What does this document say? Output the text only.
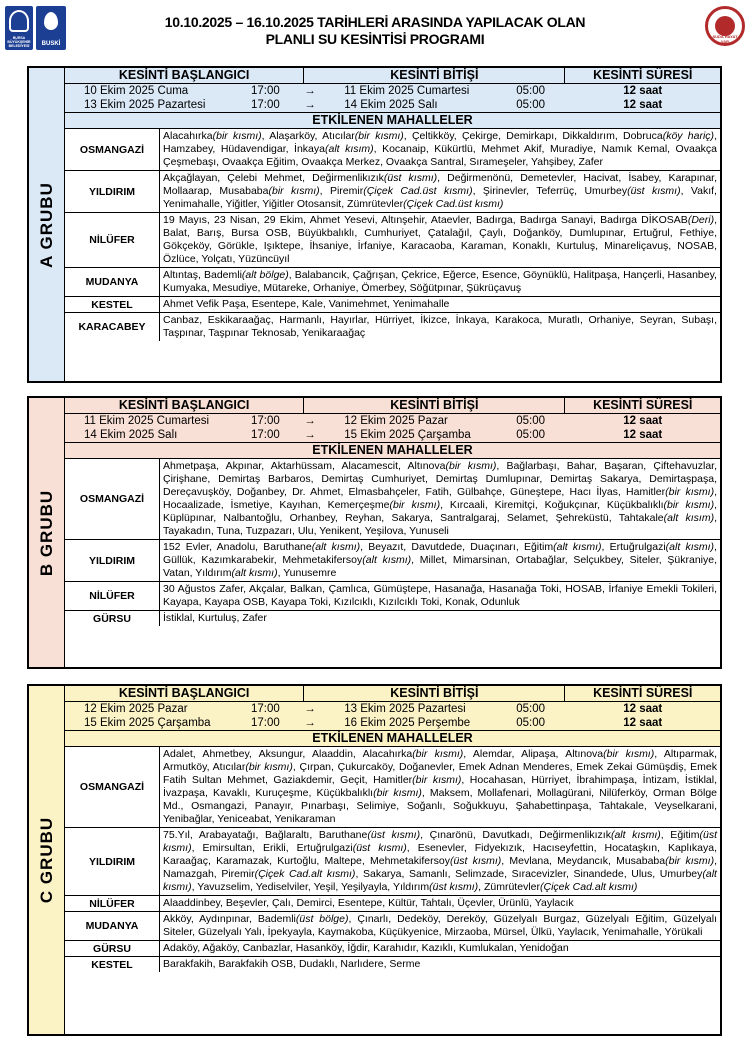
BURSA BÜYÜKŞEHİR BELEDİYESİ	BUSKİ
10.10.2025 – 16.10.2025 TARİHLERİ ARASINDA YAPILACAK OLAN
PLANLI SU KESİNTİSİ PROGRAMI	SUDA HAYAT VAR
A GRUBU
KESİNTİ BAŞLANGICI	KESİNTİ BİTİŞİ	KESİNTİ SÜRESİ
10 Ekim 2025 Cuma	17:00 → 11 Ekim 2025 Cumartesi	05:00	12 saat
13 Ekim 2025 Pazartesi	17:00 → 14 Ekim 2025 Salı	05:00	12 saat
ETKİLENEN MAHALLELER
OSMANGAZİ
Alacahırka(bir kısmı), Alaşarköy, Atıcılar(bir kısmı), Çeltikköy, Çekirge, Demirkapı, Dikkaldırım, Dobruca(köy hariç), Hamzabey, Hüdavendigar, İnkaya(alt kısım), Kocanaip, Kükürtlü, Mehmet Akif, Muradiye, Namık Kemal, Ovaakça Çeşmebaşı, Ovaakça Eğitim, Ovaakça Merkez, Ovaakça Santral, Sırameşeler, Yahşibey, Zafer
YILDIRIM
Akçağlayan, Çelebi Mehmet, Değirmenlikızık(üst kısmı), Değirmenönü, Demetevler, Hacivat, İsabey, Karapınar, Mollaarap, Musababa(bir kısmı), Piremir(Çiçek Cad.üst kısmı), Şirinevler, Teferrüç, Umurbey(üst kısmı), Vakıf, Yenimahalle, Yiğitler, Yiğitler Otosansit, Zümrütevler(Çiçek Cad.üst kısmı)
NİLÜFER
19 Mayıs, 23 Nisan, 29 Ekim, Ahmet Yesevi, Altınşehir, Ataevler, Badırga, Badırga Sanayi, Badırga DİKOSAB(Deri), Balat, Barış, Bursa OSB, Büyükbalıklı, Cumhuriyet, Çatalağıl, Çaylı, Doğanköy, Dumlupınar, Ertuğrul, Fethiye, Gökçeköy, Görükle, Işıktepe, İhsaniye, İrfaniye, Karacaoba, Karaman, Konaklı, Kurtuluş, Minareliçavuş, NOSAB, Özlüce, Yolçatı, Yüzüncüyıl
MUDANYA
Altıntaş, Bademli(alt bölge), Balabancık, Çağrışan, Çekrice, Eğerce, Esence, Göynüklü, Halitpaşa, Hançerli, Hasanbey, Kumyaka, Mesudiye, Mütareke, Orhaniye, Ömerbey, Söğütpınar, Şükrüçavuş
KESTEL	Ahmet Vefik Paşa, Esentepe, Kale, Vanimehmet, Yenimahalle
KARACABEY
Canbaz, Eskikaraağaç, Harmanlı, Hayırlar, Hürriyet, İkizce, İnkaya, Karakoca, Muratlı, Orhaniye, Seyran, Subaşı, Taşpınar, Taşpınar Teknosab, Yenikaraağaç
B GRUBU
KESİNTİ BAŞLANGICI	KESİNTİ BİTİŞİ	KESİNTİ SÜRESİ
11 Ekim 2025 Cumartesi	17:00 → 12 Ekim 2025 Pazar	05:00	12 saat
14 Ekim 2025 Salı	17:00 → 15 Ekim 2025 Çarşamba	05:00	12 saat
ETKİLENEN MAHALLELER
OSMANGAZİ
Ahmetpaşa, Akpınar, Aktarhüssam, Alacamescit, Altınova(bir kısmı), Bağlarbaşı, Bahar, Başaran, Çiftehavuzlar, Çirişhane, Demirtaş Barbaros, Demirtaş Cumhuriyet, Demirtaş Dumlupınar, Demirtaş Sakarya, Demirtaşpaşa, Dereçavuşköy, Doğanbey, Dr. Ahmet, Elmasbahçeler, Fatih, Gülbahçe, Güneştepe, Hacı İlyas, Hamitler(bir kısmı), Hocaalizade, İsmetiye, Kayıhan, Kemerçeşme(bir kısmı), Kırcaali, Kiremitçi, Koğukçınar, Küçükbalıklı(bir kısmı), Küplüpınar, Nalbantoğlu, Orhanbey, Reyhan, Sakarya, Santralgaraj, Selamet, Şehreküstü, Tahtakale(alt kısım), Tayakadın, Tuna, Tuzpazarı, Ulu, Yenikent, Yeşilova, Yunuseli
YILDIRIM
152 Evler, Anadolu, Baruthane(alt kısmı), Beyazıt, Davutdede, Duaçınarı, Eğitim(alt kısmı), Ertuğrulgazi(alt kısmı), Güllük, Kazımkarabekir, Mehmetakifersoy(alt kısmı), Millet, Mimarsinan, Ortabağlar, Selçukbey, Siteler, Şükraniye, Vatan, Yıldırım(alt kısmı), Yunusemre
NİLÜFER
30 Ağustos Zafer, Akçalar, Balkan, Çamlıca, Gümüştepe, Hasanağa, Hasanağa Toki, HOSAB, İrfaniye Emekli Tokileri, Kayapa, Kayapa OSB, Kayapa Toki, Kızılcıklı, Kızılcıklı Toki, Konak, Odunluk
GÜRSU	İstiklal, Kurtuluş, Zafer
C GRUBU
KESİNTİ BAŞLANGICI	KESİNTİ BİTİŞİ	KESİNTİ SÜRESİ
12 Ekim 2025 Pazar	17:00 → 13 Ekim 2025 Pazartesi	05:00	12 saat
15 Ekim 2025 Çarşamba	17:00 → 16 Ekim 2025 Perşembe	05:00	12 saat
ETKİLENEN MAHALLELER
OSMANGAZİ
Adalet, Ahmetbey, Aksungur, Alaaddin, Alacahırka(bir kısmı), Alemdar, Alipaşa, Altınova(bir kısmı), Altıparmak, Armutköy, Atıcılar(bir kısmı), Çırpan, Çukurcaköy, Doğanevler, Emek Adnan Menderes, Emek Zekai Gümüşdiş, Emek Fatih Sultan Mehmet, Gaziakdemir, Geçit, Hamitler(bir kısmı), Hocahasan, Hürriyet, İbrahimpaşa, İntizam, İstiklal, İvazpaşa, Kavaklı, Kuruçeşme, Küçükbalıklı(bir kısmı), Maksem, Mollafenari, Mollagürani, Nilüferköy, Orman Bölge Md., Osmangazi, Panayır, Pınarbaşı, Selimiye, Soğanlı, Soğukkuyu, Şahabettinpaşa, Tahtakale, Veyselkarani, Yenibağlar, Yeniceabat, Yenikaraman
YILDIRIM
75.Yıl, Arabayatağı, Bağlaraltı, Baruthane(üst kısmı), Çınarönü, Davutkadı, Değirmenlikızık(alt kısmı), Eğitim(üst kısmı), Emirsultan, Erikli, Ertuğrulgazi(üst kısmı), Esenevler, Fidyekızık, Hacıseyfettin, Hocataşkın, Kaplıkaya, Karaağaç, Karamazak, Kurtoğlu, Maltepe, Mehmetakifersoy(üst kısmı), Mevlana, Meydancık, Musababa(bir kısmı), Namazgah, Piremir(Çiçek Cad.alt kısmı), Sakarya, Samanlı, Selimzade, Sıracevizler, Sinandede, Ulus, Umurbey(alt kısmı), Yavuzselim, Yediselviler, Yeşil, Yeşilyayla, Yıldırım(üst kısmı), Zümrütevler(Çiçek Cad.alt kısmı)
NİLÜFER	Alaaddinbey, Beşevler, Çalı, Demirci, Esentepe, Kültür, Tahtalı, Üçevler, Ürünlü, Yaylacık
MUDANYA
Akköy, Aydınpınar, Bademli(üst bölge), Çınarlı, Dedeköy, Dereköy, Güzelyalı Burgaz, Güzelyalı Eğitim, Güzelyalı Siteler, Güzelyalı Yalı, İpekyayla, Kaymakoba, Küçükyenice, Mirzaoba, Mürsel, Ülkü, Yaylacık, Yenimahalle, Yörükali
GÜRSU	Adaköy, Ağaköy, Canbazlar, Hasanköy, İğdir, Karahıdır, Kazıklı, Kumlukalan, Yenidoğan
KESTEL	Barakfakih, Barakfakih OSB, Dudaklı, Narlıdere, Serme
